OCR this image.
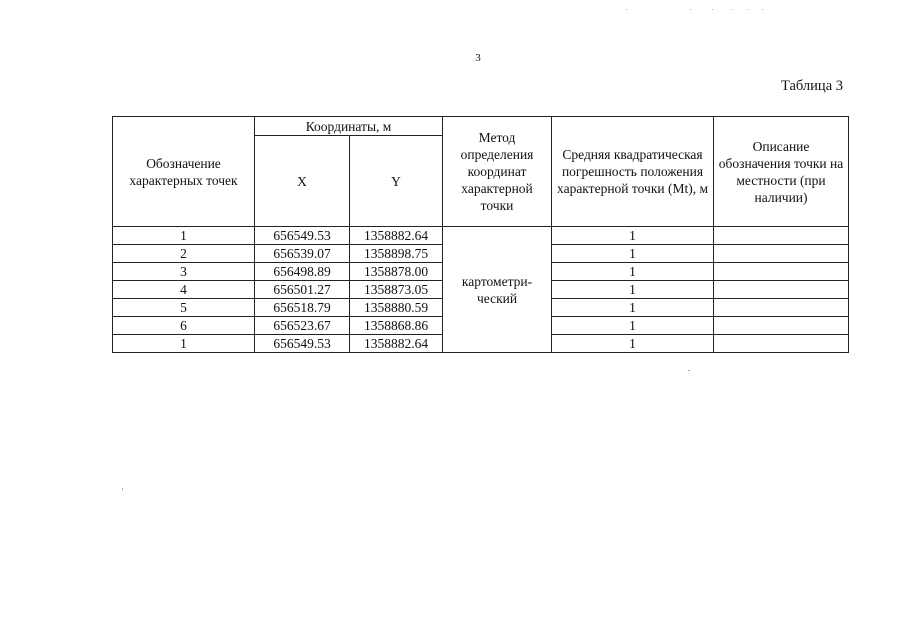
3
Таблица 3
Обозначение характерных точек	Координаты, м		Метод определения координат характерной точки	Средняя квадратическая погрешность положения характерной точки (Mt), м	Описание обозначения точки на местности (при наличии)
	X	Y			
1	656549.53	1358882.64	картометри-ческий	1	
2	656539.07	1358898.75		1	
3	656498.89	1358878.00		1	
4	656501.27	1358873.05		1	
5	656518.79	1358880.59		1	
6	656523.67	1358868.86		1	
1	656549.53	1358882.64		1	
